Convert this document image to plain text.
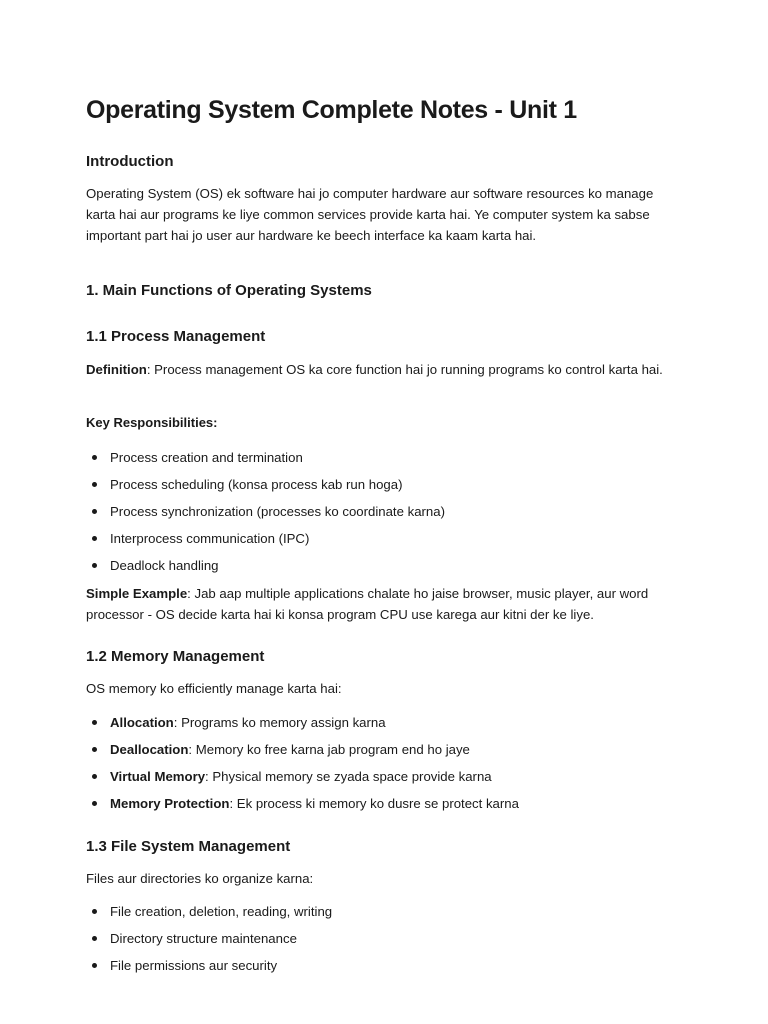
Operating System Complete Notes - Unit 1
Introduction

Operating System (OS) ek software hai jo computer hardware aur software resources ko manage karta hai aur programs ke liye common services provide karta hai. Ye computer system ka sabse important part hai jo user aur hardware ke beech interface ka kaam karta hai.

1. Main Functions of Operating Systems
1.1 Process Management

Definition: Process management OS ka core function hai jo running programs ko control karta hai.

Key Responsibilities:

Process creation and termination
Process scheduling (konsa process kab run hoga)
Process synchronization (processes ko coordinate karna)
Interprocess communication (IPC)
Deadlock handling

Simple Example: Jab aap multiple applications chalate ho jaise browser, music player, aur word processor - OS decide karta hai ki konsa program CPU use karega aur kitni der ke liye.

1.2 Memory Management

OS memory ko efficiently manage karta hai:

Allocation: Programs ko memory assign karna
Deallocation: Memory ko free karna jab program end ho jaye
Virtual Memory: Physical memory se zyada space provide karna
Memory Protection: Ek process ki memory ko dusre se protect karna
1.3 File System Management

Files aur directories ko organize karna:

File creation, deletion, reading, writing
Directory structure maintenance
File permissions aur security
